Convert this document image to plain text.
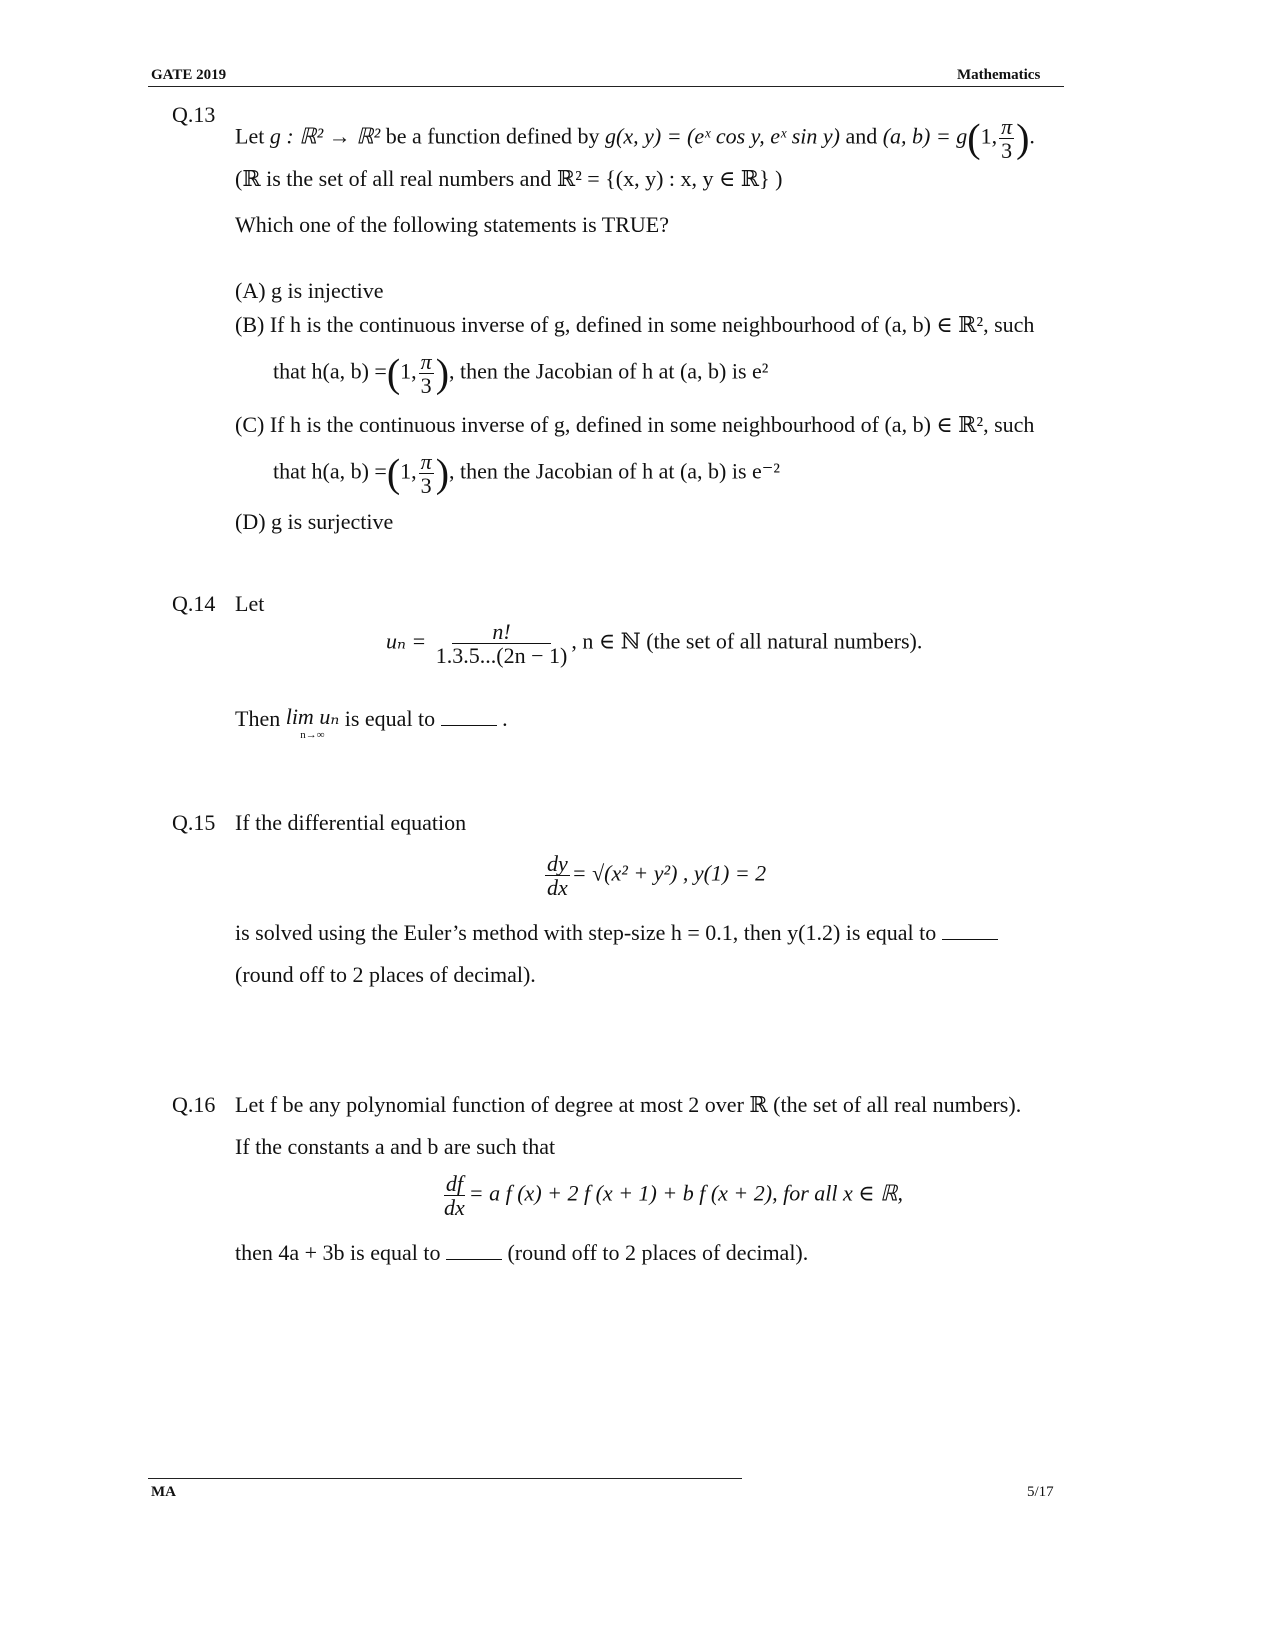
GATE 2019	Mathematics
Q.13
Let g : ℝ² → ℝ² be a function defined by g(x, y) = (eˣ cos y, eˣ sin y) and (a, b) = g(1, $\frac{\pi}{3}$ ).
(ℝ is the set of all real numbers and ℝ² = {(x, y) : x, y ∈ ℝ} )
Which one of the following statements is TRUE?
(A) g is injective
(B) If h is the continuous inverse of g, defined in some neighbourhood of (a, b) ∈ ℝ², such
that h(a, b) =(1, $\frac{\pi}{3}$ ), then the Jacobian of h at (a, b) is e²
(C) If h is the continuous inverse of g, defined in some neighbourhood of (a, b) ∈ ℝ², such
that h(a, b) =(1, $\frac{\pi}{3}$ ), then the Jacobian of h at (a, b) is e⁻²
(D) g is surjective
Q.14 Let
$u_n = \frac{n!}{1.3.5...(2n - 1)}$ , n ∈ ℕ (the set of all natural numbers).
Then lim uₙ
n→∞
is equal to	.
Q.15 If the differential equation
$\frac{dy}{dx} = √(x^2 + y^2)$ , y(1) = 2
is solved using the Euler’s method with step-size h = 0.1, then y(1.2) is equal to
(round off to 2 places of decimal).
Q.16 Let f be any polynomial function of degree at most 2 over ℝ (the set of all real numbers).
If the constants a and b are such that
$\frac{df}{dx} = a$ f (x) + 2 f (x + 1) + b f (x + 2), for all x ∈ ℝ,
then 4a + 3b is equal to	(round off to 2 places of decimal).
MA	5/17
